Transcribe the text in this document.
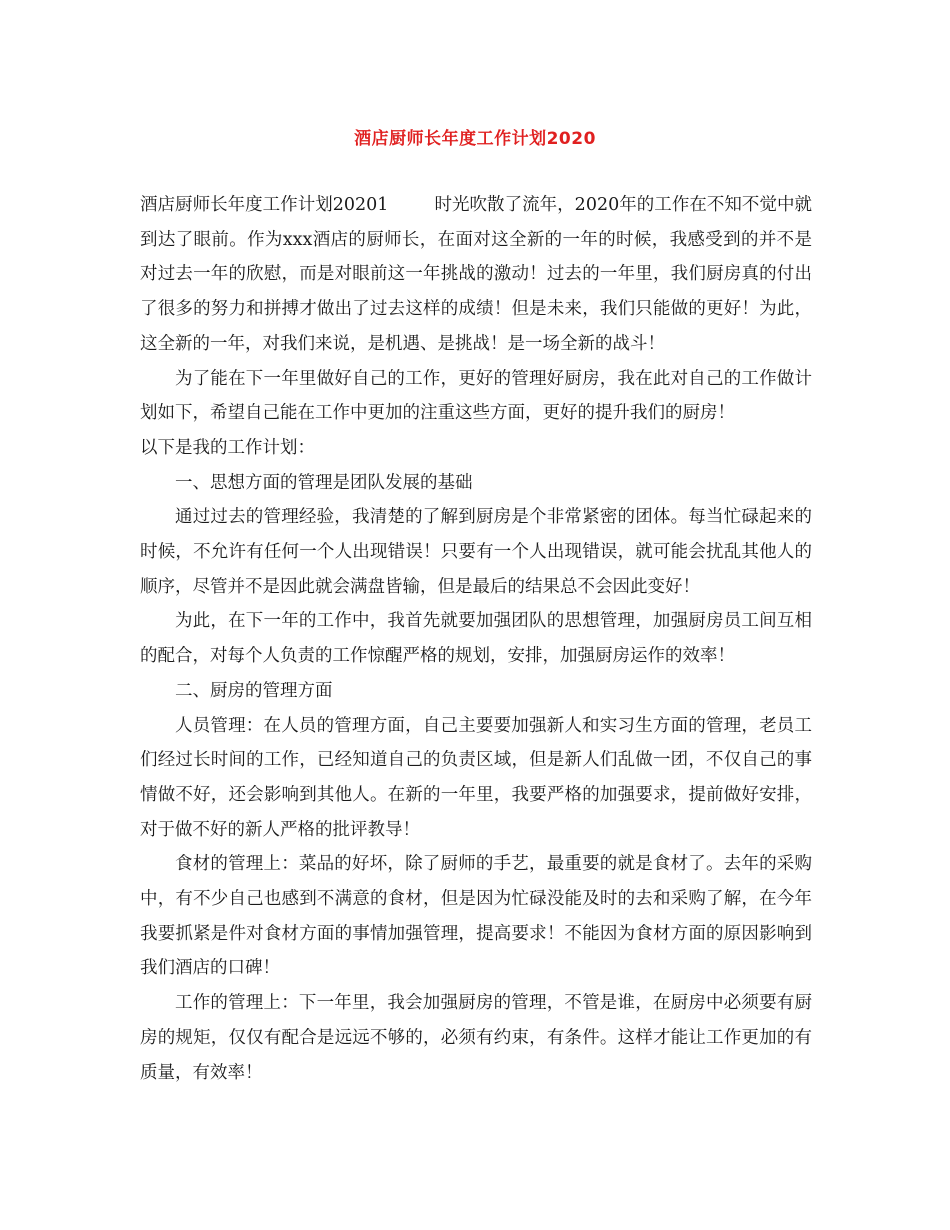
酒店厨师长年度工作计划2020

酒店厨师长年度工作计划20201	时光吹散了流年，2020年的工作在不知不觉中就到达了眼前。作为xxx酒店的厨师长，在面对这全新的一年的时候，我感受到的并不是对过去一年的欣慰，而是对眼前这一年挑战的激动！过去的一年里，我们厨房真的付出了很多的努力和拼搏才做出了过去这样的成绩！但是未来，我们只能做的更好！为此，这全新的一年，对我们来说，是机遇、是挑战！是一场全新的战斗！

为了能在下一年里做好自己的工作，更好的管理好厨房，我在此对自己的工作做计划如下，希望自己能在工作中更加的注重这些方面，更好的提升我们的厨房！

以下是我的工作计划：

一、思想方面的管理是团队发展的基础

通过过去的管理经验，我清楚的了解到厨房是个非常紧密的团体。每当忙碌起来的时候，不允许有任何一个人出现错误！只要有一个人出现错误，就可能会扰乱其他人的顺序，尽管并不是因此就会满盘皆输，但是最后的结果总不会因此变好！

为此，在下一年的工作中，我首先就要加强团队的思想管理，加强厨房员工间互相的配合，对每个人负责的工作惊醒严格的规划，安排，加强厨房运作的效率！

二、厨房的管理方面

人员管理：在人员的管理方面，自己主要要加强新人和实习生方面的管理，老员工们经过长时间的工作，已经知道自己的负责区域，但是新人们乱做一团，不仅自己的事情做不好，还会影响到其他人。在新的一年里，我要严格的加强要求，提前做好安排，对于做不好的新人严格的批评教导！

食材的管理上：菜品的好坏，除了厨师的手艺，最重要的就是食材了。去年的采购中，有不少自己也感到不满意的食材，但是因为忙碌没能及时的去和采购了解，在今年我要抓紧是件对食材方面的事情加强管理，提高要求！不能因为食材方面的原因影响到我们酒店的口碑！

工作的管理上：下一年里，我会加强厨房的管理，不管是谁，在厨房中必须要有厨房的规矩，仅仅有配合是远远不够的，必须有约束，有条件。这样才能让工作更加的有质量，有效率！
